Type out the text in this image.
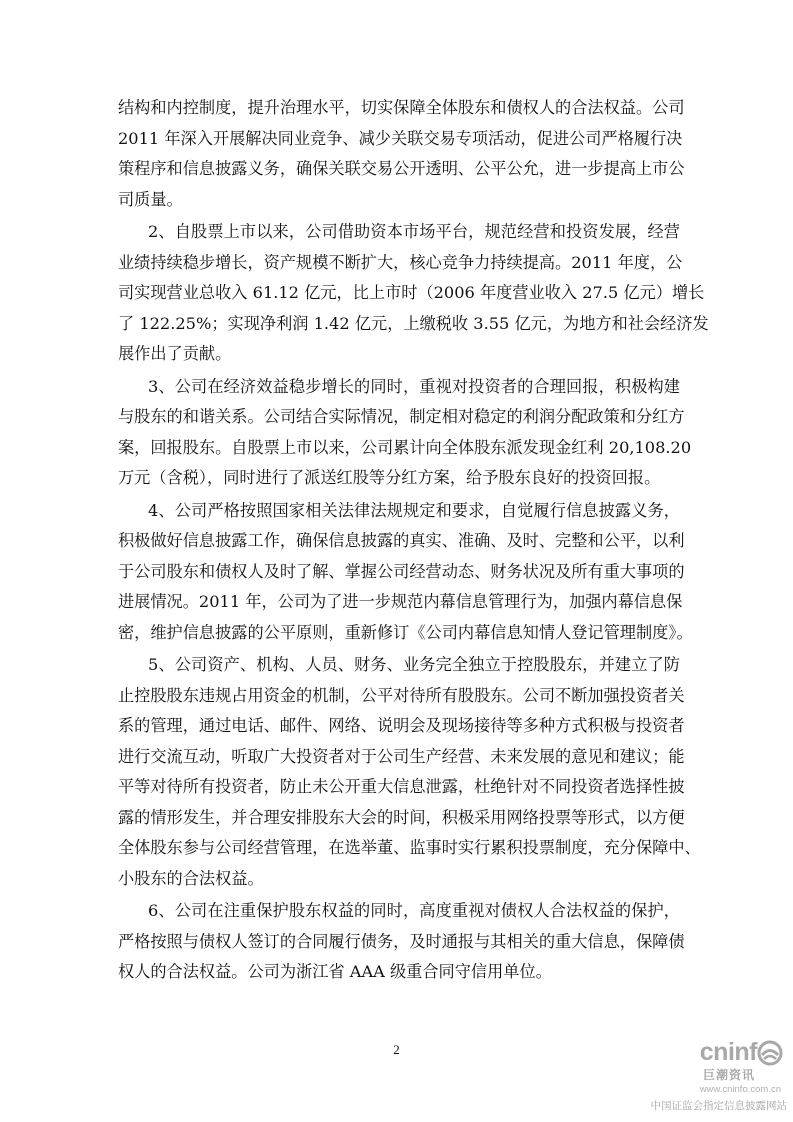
结构和内控制度，提升治理水平，切实保障全体股东和债权人的合法权益。公司
2011 年深入开展解决同业竞争、减少关联交易专项活动，促进公司严格履行决
策程序和信息披露义务，确保关联交易公开透明、公平公允，进一步提高上市公
司质量。

2、自股票上市以来，公司借助资本市场平台，规范经营和投资发展，经营
业绩持续稳步增长，资产规模不断扩大，核心竞争力持续提高。2011 年度，公
司实现营业总收入 61.12 亿元，比上市时（2006 年度营业收入 27.5 亿元）增长
了 122.25%；实现净利润 1.42 亿元，上缴税收 3.55 亿元，为地方和社会经济发
展作出了贡献。

3、公司在经济效益稳步增长的同时，重视对投资者的合理回报，积极构建
与股东的和谐关系。公司结合实际情况，制定相对稳定的利润分配政策和分红方
案，回报股东。自股票上市以来，公司累计向全体股东派发现金红利 20,108.20
万元（含税），同时进行了派送红股等分红方案，给予股东良好的投资回报。

4、公司严格按照国家相关法律法规规定和要求，自觉履行信息披露义务，
积极做好信息披露工作，确保信息披露的真实、准确、及时、完整和公平，以利
于公司股东和债权人及时了解、掌握公司经营动态、财务状况及所有重大事项的
进展情况。2011 年，公司为了进一步规范内幕信息管理行为，加强内幕信息保
密，维护信息披露的公平原则，重新修订《公司内幕信息知情人登记管理制度》。

5、公司资产、机构、人员、财务、业务完全独立于控股股东，并建立了防
止控股股东违规占用资金的机制，公平对待所有股股东。公司不断加强投资者关
系的管理，通过电话、邮件、网络、说明会及现场接待等多种方式积极与投资者
进行交流互动，听取广大投资者对于公司生产经营、未来发展的意见和建议；能
平等对待所有投资者，防止未公开重大信息泄露，杜绝针对不同投资者选择性披
露的情形发生，并合理安排股东大会的时间，积极采用网络投票等形式，以方便
全体股东参与公司经营管理，在选举董、监事时实行累积投票制度，充分保障中、
小股东的合法权益。

6、公司在注重保护股东权益的同时，高度重视对债权人合法权益的保护，
严格按照与债权人签订的合同履行债务，及时通报与其相关的重大信息，保障债
权人的合法权益。公司为浙江省 AAA 级重合同守信用单位。

2	cninf
巨潮资讯
www.cninfo.com.cn
中国证监会指定信息披露网站
